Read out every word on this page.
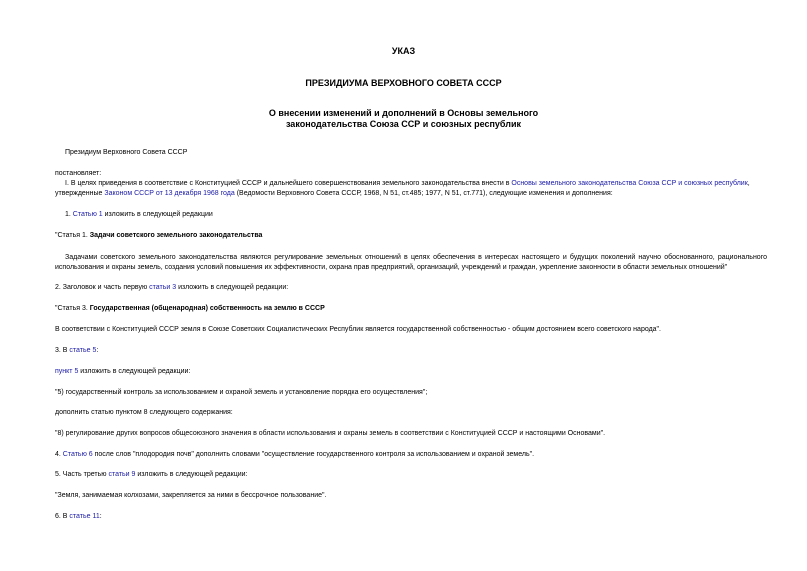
УКАЗ
ПРЕЗИДИУМА ВЕРХОВНОГО СОВЕТА СССР
О внесении изменений и дополнений в Основы земельного
законодательства Союза ССР и союзных республик
Президиум Верховного Совета СССР
постановляет:
I. В целях приведения в соответствие с Конституцией СССР и дальнейшего совершенствования земельного законодательства внести в Основы земельного законодательства Союза ССР и союзных республик,
утвержденные Законом СССР от 13 декабря 1968 года (Ведомости Верховного Совета СССР, 1968, N 51, ст.485; 1977, N 51, ст.771), следующие изменения и дополнения:
1. Статью 1 изложить в следующей редакции
"Статья 1. Задачи советского земельного законодательства
Задачами советского земельного законодательства являются регулирование земельных отношений в целях обеспечения в интересах настоящего и будущих поколений научно обоснованного, рационального использования и охраны земель, создания условий повышения их эффективности, охрана прав предприятий, организаций, учреждений и граждан, укрепление законности в области земельных отношений"
2. Заголовок и часть первую статьи 3 изложить в следующей редакции:
"Статья 3. Государственная (общенародная) собственность на землю в СССР
В соответствии с Конституцией СССР земля в Союзе Советских Социалистических Республик является государственной собственностью - общим достоянием всего советского народа".
3. В статье 5:
пункт 5 изложить в следующей редакции:
"5) государственный контроль за использованием и охраной земель и установление порядка его осуществления";
дополнить статью пунктом 8 следующего содержания:
"8) регулирование других вопросов общесоюзного значения в области использования и охраны земель в соответствии с Конституцией СССР и настоящими Основами".
4. Статью 6 после слов "плодородия почв" дополнить словами "осуществление государственного контроля за использованием и охраной земель".
5. Часть третью статьи 9 изложить в следующей редакции:
"Земля, занимаемая колхозами, закрепляется за ними в бессрочное пользование".
6. В статье 11:
